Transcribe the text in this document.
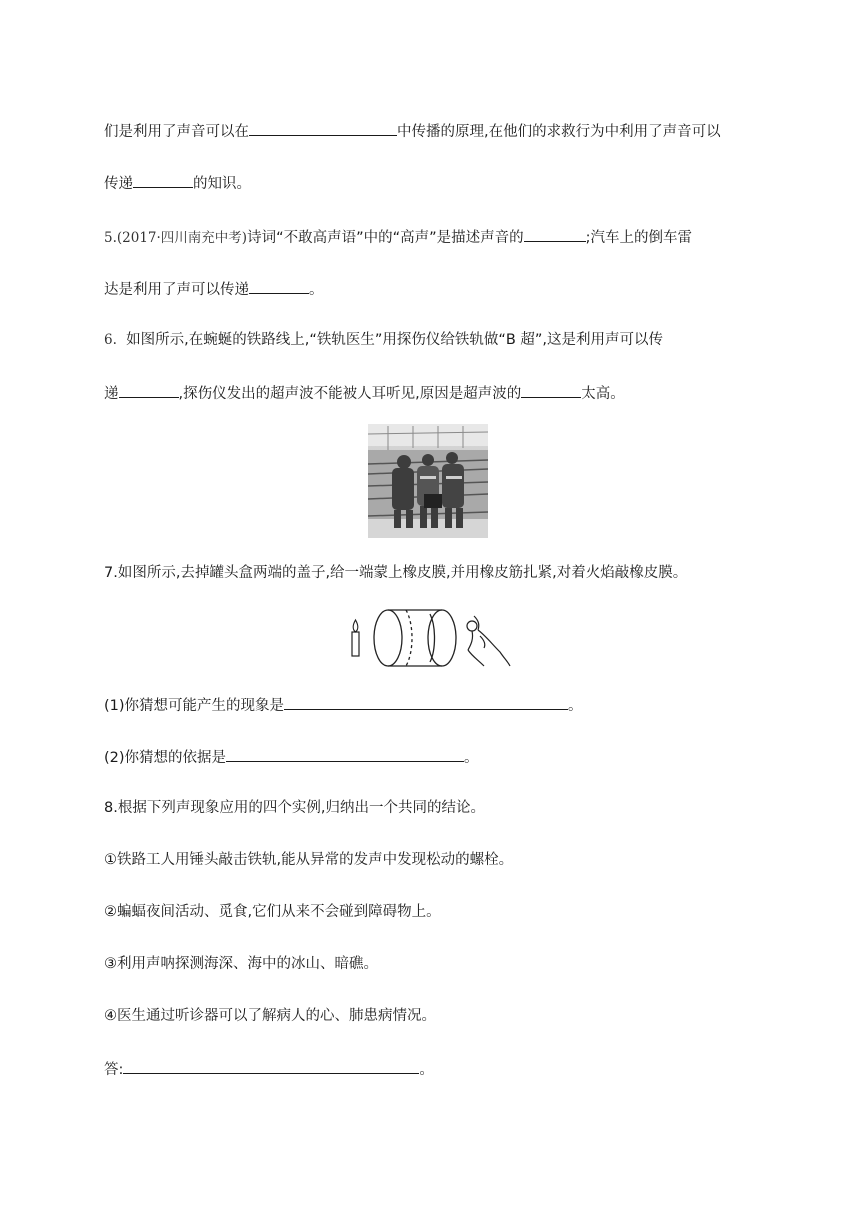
们是利用了声音可以在	中传播的原理,在他们的求救行为中利用了声音可以
传递	的知识。
5.(2017·四川南充中考)诗词“不敢高声语”中的“高声”是描述声音的	;汽车上的倒车雷
达是利用了声可以传递	。
6. 如图所示,在蜿蜒的铁路线上,“铁轨医生”用探伤仪给铁轨做“B 超”,这是利用声可以传
递	,探伤仪发出的超声波不能被人耳听见,原因是超声波的	太高。
7.如图所示,去掉罐头盒两端的盖子,给一端蒙上橡皮膜,并用橡皮筋扎紧,对着火焰敲橡皮膜。
(1)你猜想可能产生的现象是	。
(2)你猜想的依据是	。
8.根据下列声现象应用的四个实例,归纳出一个共同的结论。
①铁路工人用锤头敲击铁轨,能从异常的发声中发现松动的螺栓。
②蝙蝠夜间活动、觅食,它们从来不会碰到障碍物上。
③利用声呐探测海深、海中的冰山、暗礁。
④医生通过听诊器可以了解病人的心、肺患病情况。
答:	。
